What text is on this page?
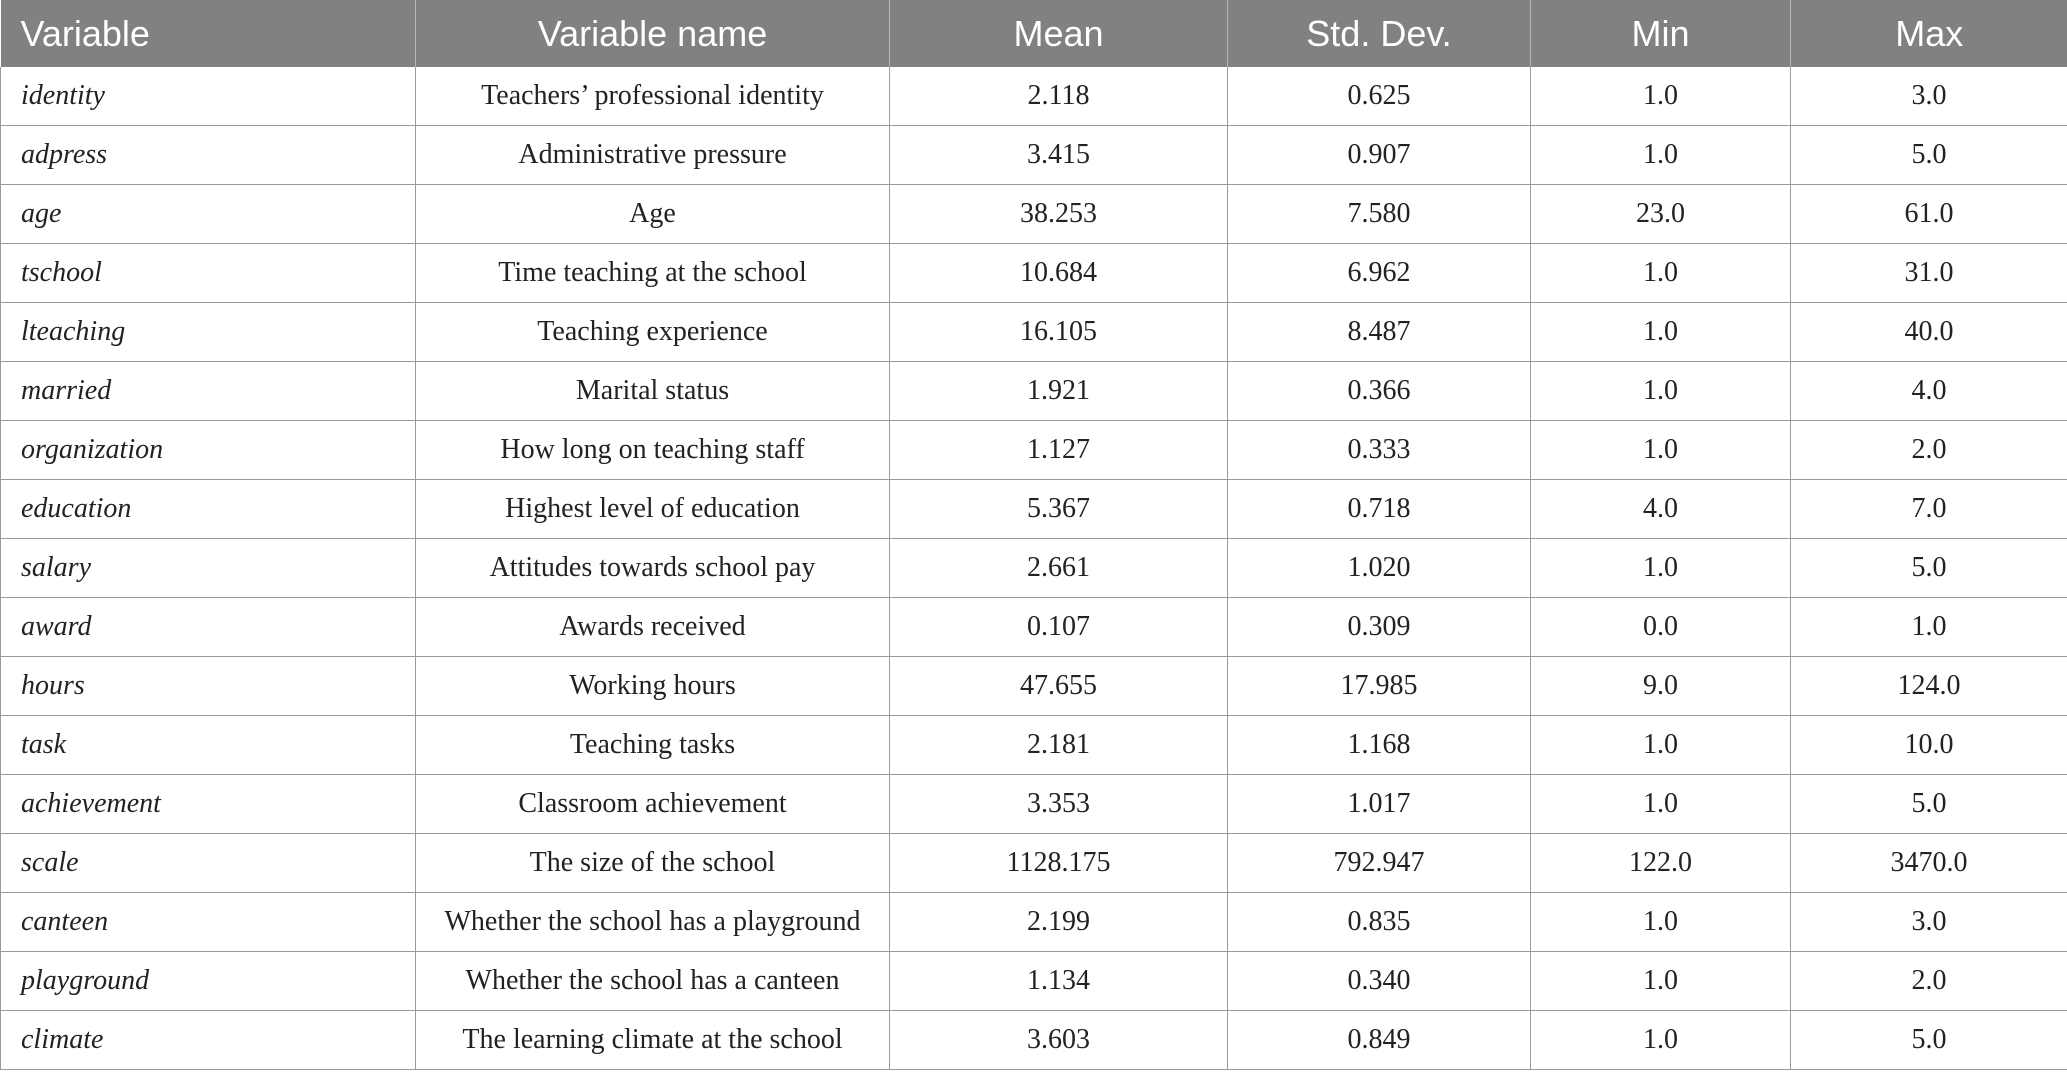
Variable	Variable name	Mean	Std. Dev.	Min	Max
identity	Teachers’ professional identity	2.118	0.625	1.0	3.0
adpress	Administrative pressure	3.415	0.907	1.0	5.0
age	Age	38.253	7.580	23.0	61.0
tschool	Time teaching at the school	10.684	6.962	1.0	31.0
lteaching	Teaching experience	16.105	8.487	1.0	40.0
married	Marital status	1.921	0.366	1.0	4.0
organization	How long on teaching staff	1.127	0.333	1.0	2.0
education	Highest level of education	5.367	0.718	4.0	7.0
salary	Attitudes towards school pay	2.661	1.020	1.0	5.0
award	Awards received	0.107	0.309	0.0	1.0
hours	Working hours	47.655	17.985	9.0	124.0
task	Teaching tasks	2.181	1.168	1.0	10.0
achievement	Classroom achievement	3.353	1.017	1.0	5.0
scale	The size of the school	1128.175	792.947	122.0	3470.0
canteen	Whether the school has a playground	2.199	0.835	1.0	3.0
playground	Whether the school has a canteen	1.134	0.340	1.0	2.0
climate	The learning climate at the school	3.603	0.849	1.0	5.0
